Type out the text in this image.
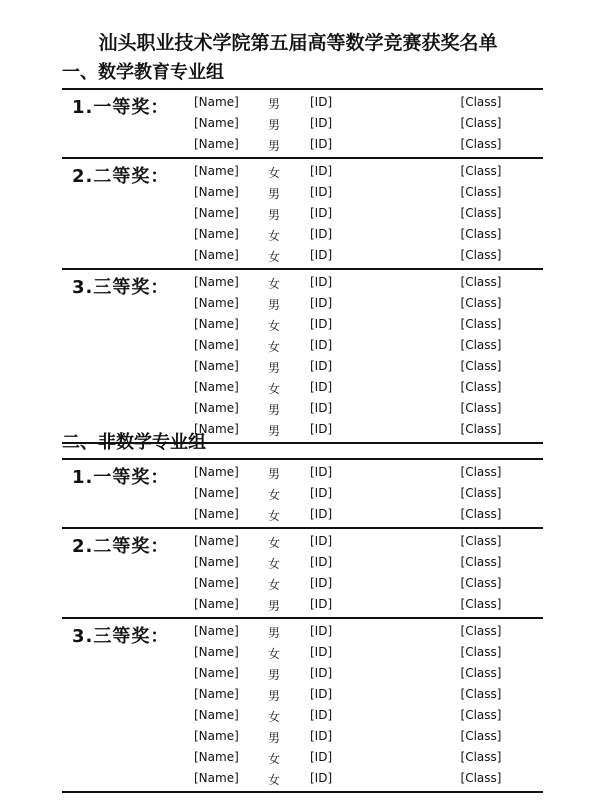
汕头职业技术学院第五届高等数学竞赛获奖名单
一、数学教育专业组
1.一等奖： [Name] 男 [ID]	[Class]
[Name] 男 [ID]	[Class]
[Name] 男 [ID]	[Class]
2.二等奖： [Name] 女 [ID]	[Class]
[Name] 男 [ID]	[Class]
[Name] 男 [ID]	[Class]
[Name] 女 [ID]	[Class]
[Name] 女 [ID]	[Class]
3.三等奖： [Name] 女 [ID]	[Class]
[Name] 男 [ID]	[Class]
[Name] 女 [ID]	[Class]
[Name] 女 [ID]	[Class]
[Name] 男 [ID]	[Class]
[Name] 女 [ID]	[Class]
[Name] 男 [ID]	[Class]
[Name] 男 [ID]	[Class]
二、非数学专业组
1.一等奖： [Name] 男 [ID]	[Class]
[Name] 女 [ID]	[Class]
[Name] 女 [ID]	[Class]
2.二等奖： [Name] 女 [ID]	[Class]
[Name] 女 [ID]	[Class]
[Name] 女 [ID]	[Class]
[Name] 男 [ID]	[Class]
3.三等奖： [Name] 男 [ID]	[Class]
[Name] 女 [ID]	[Class]
[Name] 男 [ID]	[Class]
[Name] 男 [ID]	[Class]
[Name] 女 [ID]	[Class]
[Name] 男 [ID]	[Class]
[Name] 女 [ID]	[Class]
[Name] 女 [ID]	[Class]
